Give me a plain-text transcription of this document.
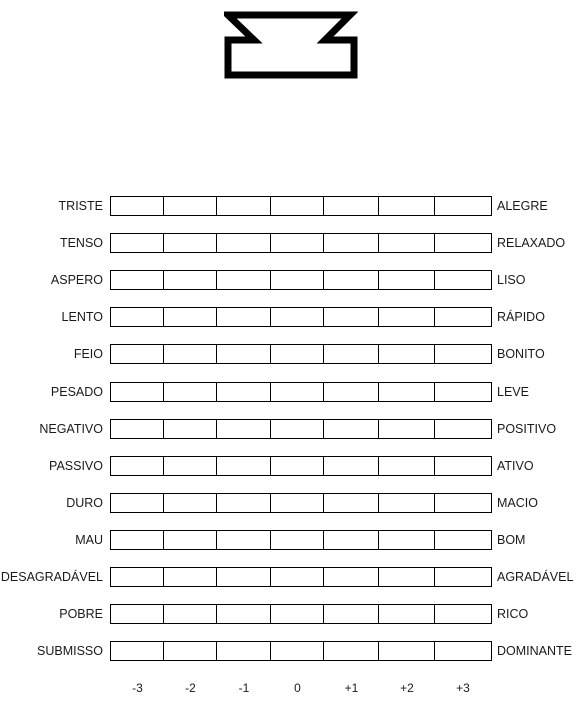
TRISTE	ALEGRE
TENSO	RELAXADO
ASPERO	LISO
LENTO	RÁPIDO
FEIO	BONITO
PESADO	LEVE
NEGATIVO	POSITIVO
PASSIVO	ATIVO
DURO	MACIO
MAU	BOM
DESAGRADÁVEL	AGRADÁVEL
POBRE	RICO
SUBMISSO	DOMINANTE
-3	-2	-1	0	+1	+2	+3
